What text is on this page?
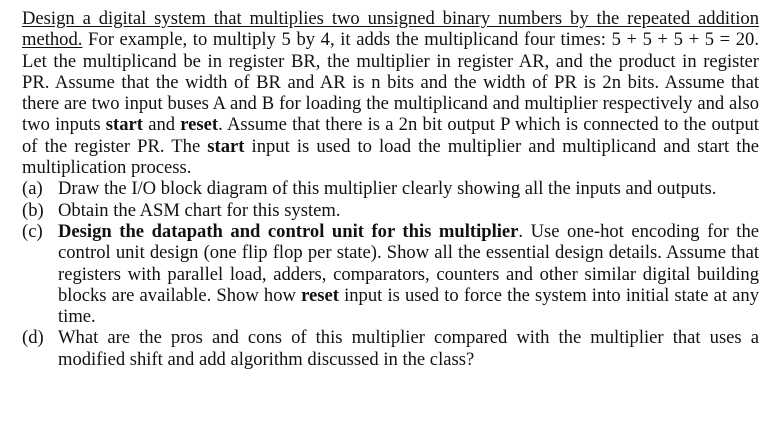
Design a digital system that multiplies two unsigned binary numbers by the repeated addition method. For example, to multiply 5 by 4, it adds the multiplicand four times: 5 + 5 + 5 + 5 = 20. Let the multiplicand be in register BR, the multiplier in register AR, and the product in register PR. Assume that the width of BR and AR is n bits and the width of PR is 2n bits. Assume that there are two input buses A and B for loading the multiplicand and multiplier respectively and also two inputs start and reset. Assume that there is a 2n bit output P which is connected to the output of the register PR. The start input is used to load the multiplier and multiplicand and start the multiplication process.

(a) Draw the I/O block diagram of this multiplier clearly showing all the inputs and outputs.
(b) Obtain the ASM chart for this system.
(c) Design the datapath and control unit for this multiplier. Use one-hot encoding for the control unit design (one flip flop per state). Show all the essential design details. Assume that registers with parallel load, adders, comparators, counters and other similar digital building blocks are available. Show how reset input is used to force the system into initial state at any time.
(d) What are the pros and cons of this multiplier compared with the multiplier that uses a modified shift and add algorithm discussed in the class?
